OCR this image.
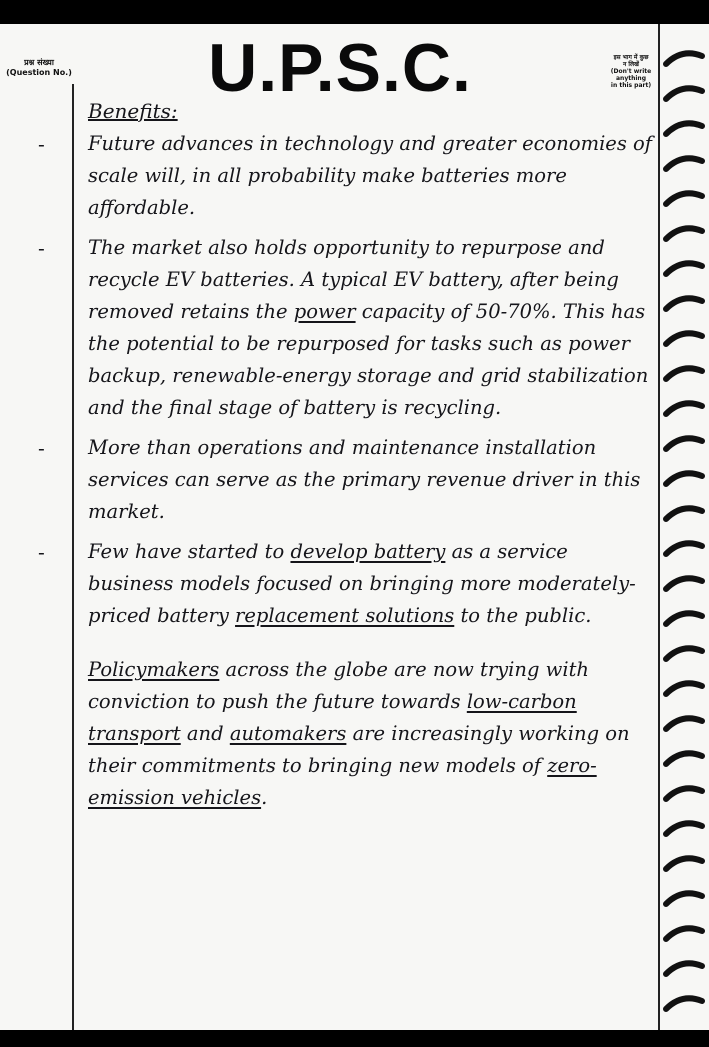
प्रश्न संख्या
(Question No.)	U.P.S.C.	इस भाग में कुछ
न लिखें
(Don't write anything
in this part)
Benefits:
- Future advances in technology and greater economies of scale will, in all probability make batteries more affordable.
- The market also holds opportunity to repurpose and recycle EV batteries. A typical EV battery, after being removed retains the power capacity of 50-70%. This has the potential to be repurposed for tasks such as power backup, renewable-energy storage and grid stabilization and the final stage of battery is recycling.
- More than operations and maintenance installation services can serve as the primary revenue driver in this market.
- Few have started to develop battery as a service business models focused on bringing more moderately-priced battery replacement solutions to the public.
Policymakers across the globe are now trying with conviction to push the future towards low-carbon transport and automakers are increasingly working on their commitments to bringing new models of zero-emission vehicles.
